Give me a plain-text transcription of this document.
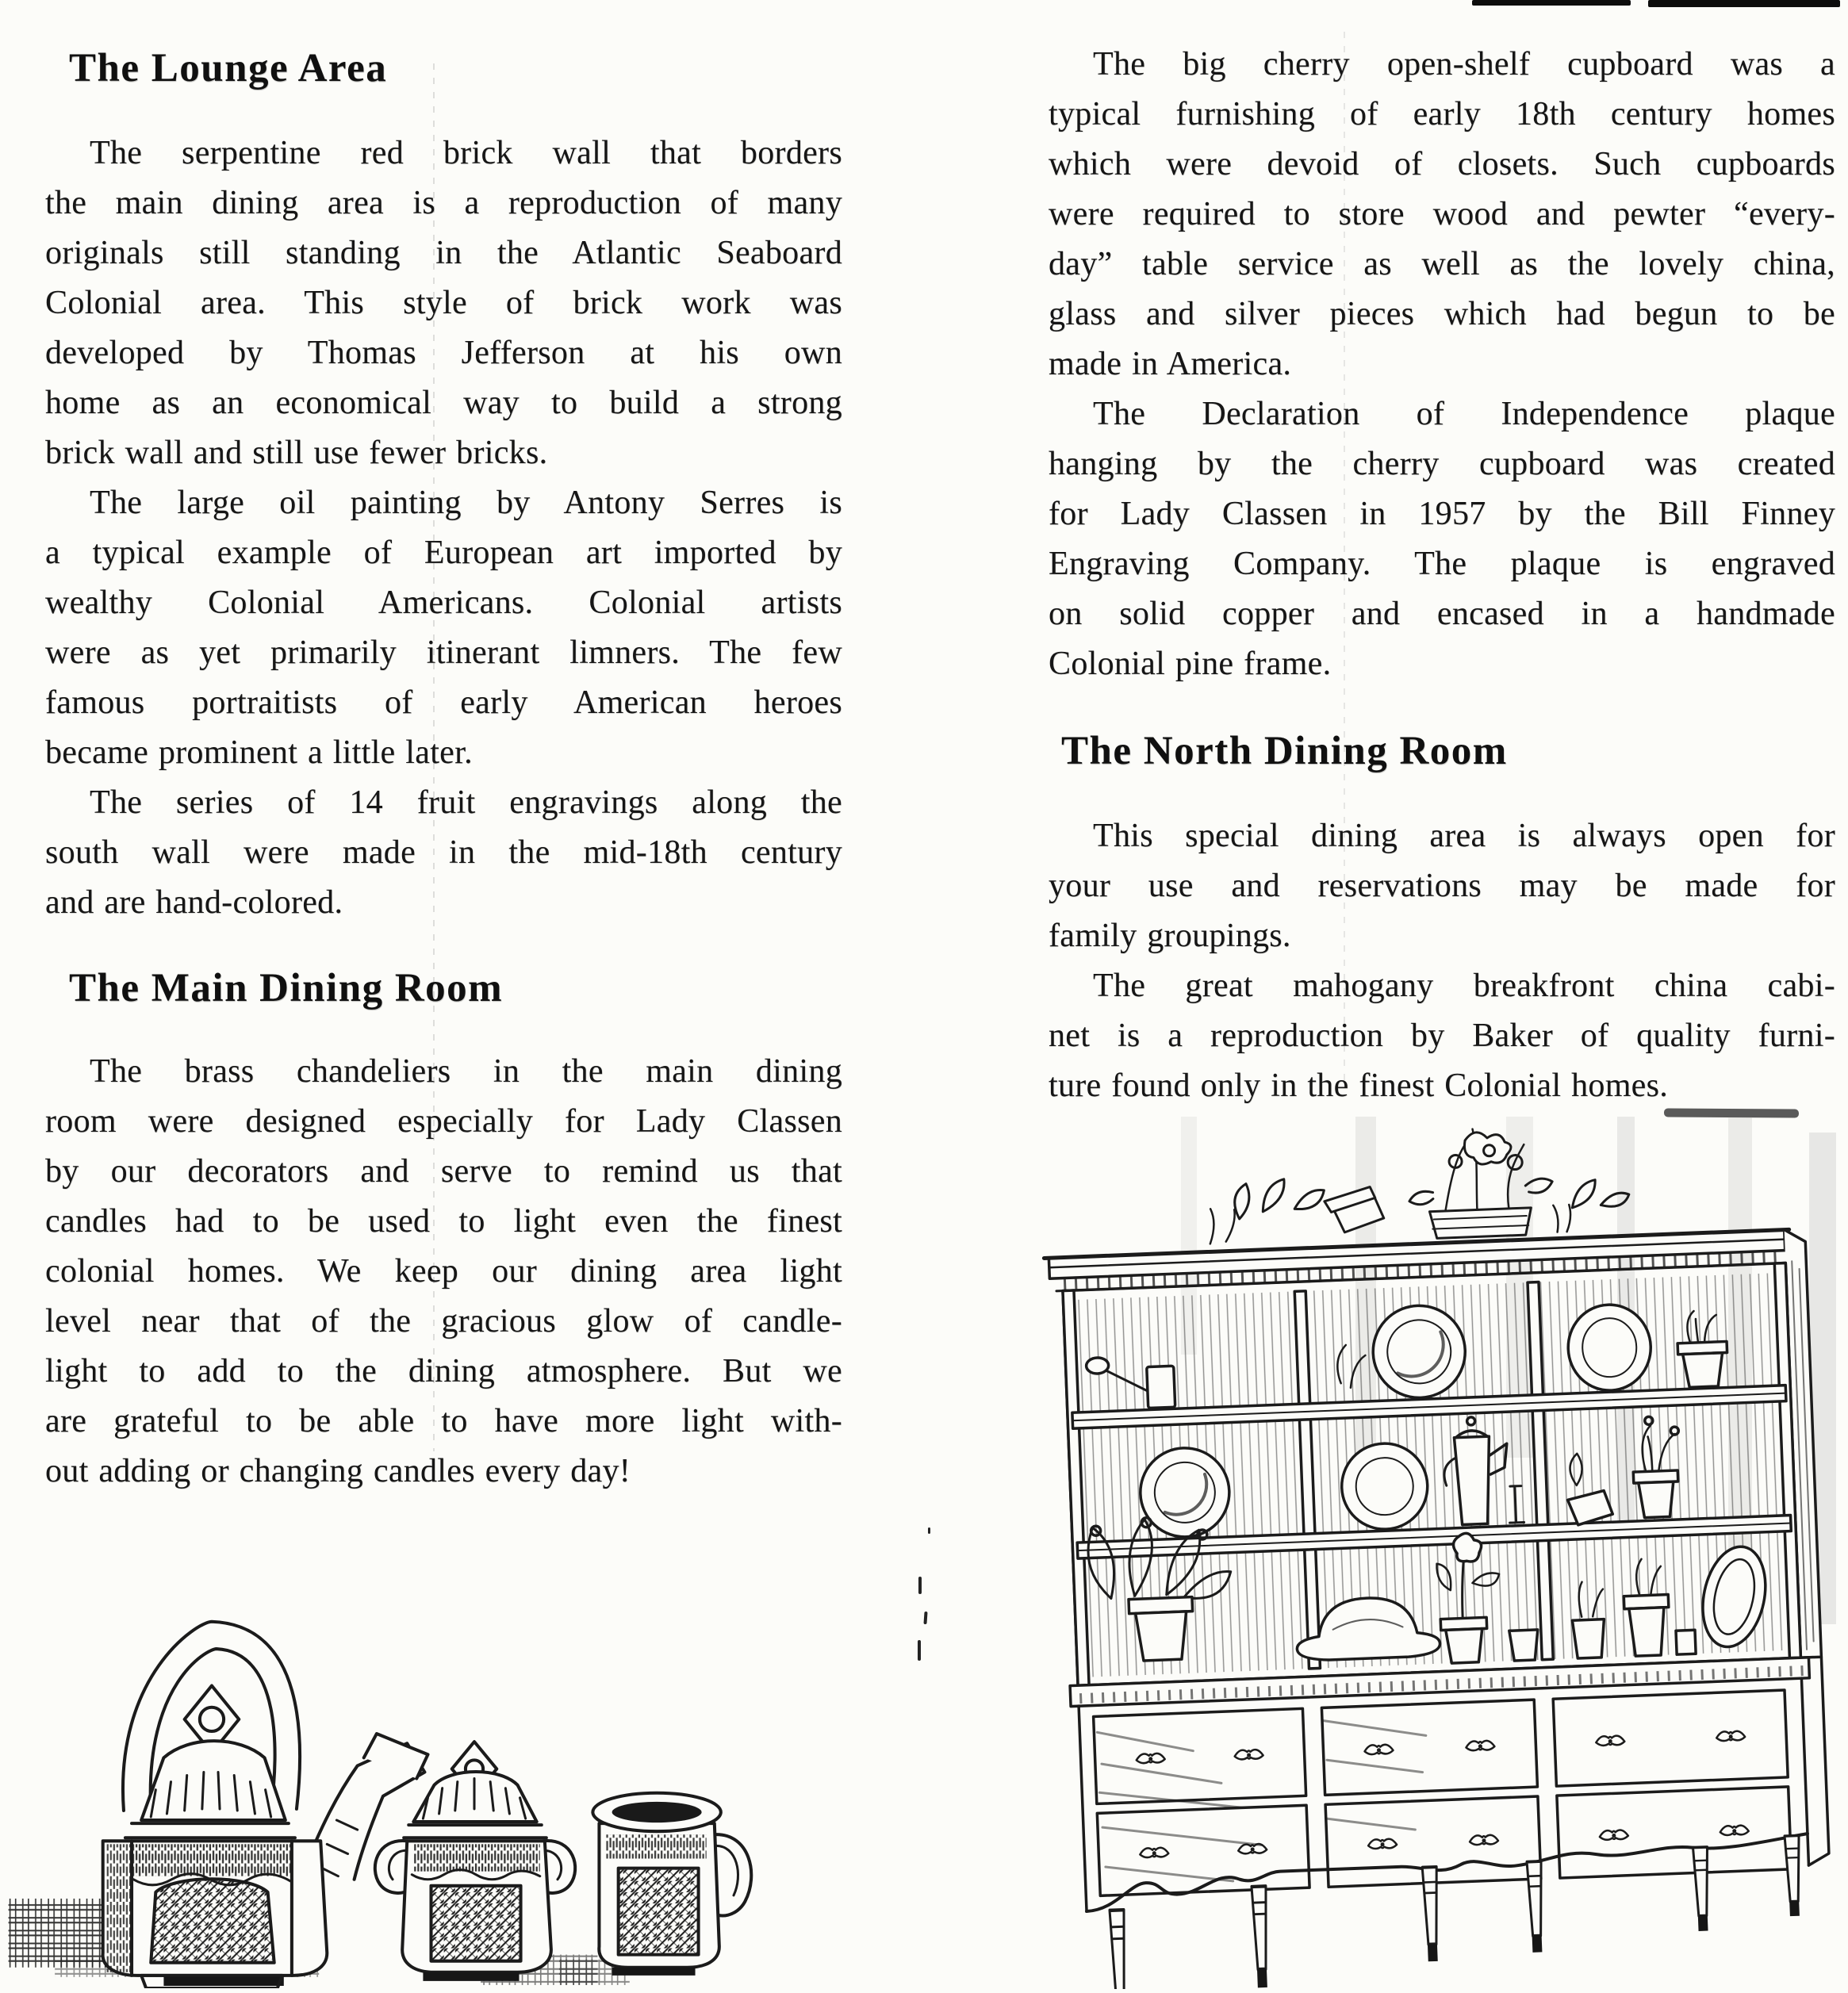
The Lounge Area
The serpentine red brick wall that borders
the main dining area is a reproduction of many
originals still standing in the Atlantic Seaboard
Colonial area. This style of brick work was
developed by Thomas Jefferson at his own
home as an economical way to build a strong
brick wall and still use fewer bricks.
The large oil painting by Antony Serres is
a typical example of European art imported by
wealthy Colonial Americans. Colonial artists
were as yet primarily itinerant limners. The few
famous portraitists of early American heroes
became prominent a little later.
The series of 14 fruit engravings along the
south wall were made in the mid-18th century
and are hand-colored.
The Main Dining Room
The brass chandeliers in the main dining
room were designed especially for Lady Classen
by our decorators and serve to remind us that
candles had to be used to light even the finest
colonial homes. We keep our dining area light
level near that of the gracious glow of candle-
light to add to the dining atmosphere. But we
are grateful to be able to have more light with-
out adding or changing candles every day!
The big cherry open-shelf cupboard was a
typical furnishing of early 18th century homes
which were devoid of closets. Such cupboards
were required to store wood and pewter “every-
day” table service as well as the lovely china,
glass and silver pieces which had begun to be
made in America.
The Declaration of Independence plaque
hanging by the cherry cupboard was created
for Lady Classen in 1957 by the Bill Finney
Engraving Company. The plaque is engraved
on solid copper and encased in a handmade
Colonial pine frame.
The North Dining Room
This special dining area is always open for
your use and reservations may be made for
family groupings.
The great mahogany breakfront china cabi-
net is a reproduction by Baker of quality furni-
ture found only in the finest Colonial homes.
